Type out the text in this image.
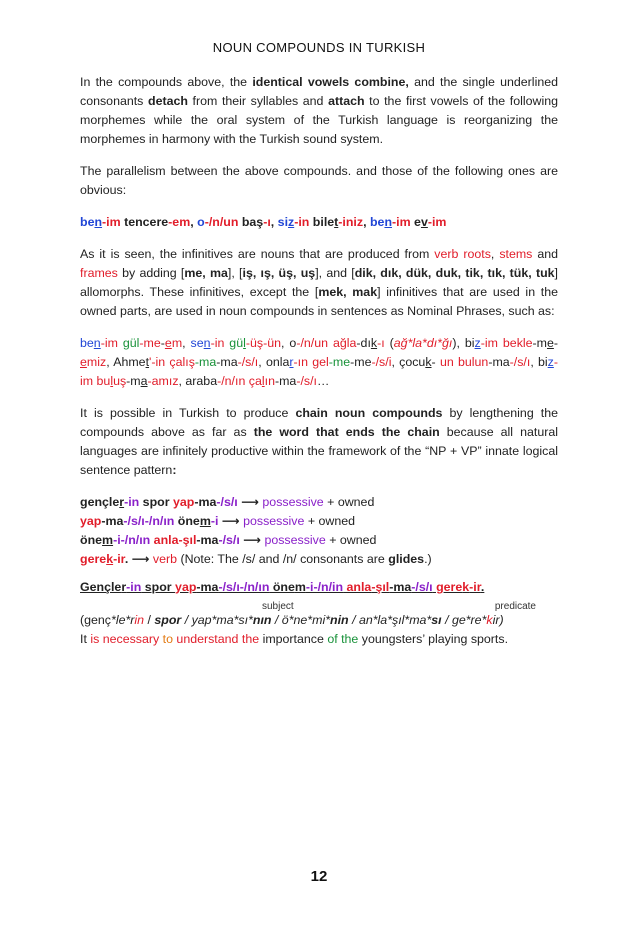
NOUN COMPOUNDS IN TURKISH

In the compounds above, the identical vowels combine, and the single underlined consonants detach from their syllables and attach to the first vowels of the following morphemes while the oral system of the Turkish language is reorganizing the morphemes in harmony with the Turkish sound system.

The parallelism between the above compounds. and those of the following ones are obvious:

ben-im tencere-em, o-/n/un baş-ı, siz-in bilet-iniz, ben-im ev-im

As it is seen, the infinitives are nouns that are produced from verb roots, stems and frames by adding [me, ma], [iş, ış, üş, uş], and [dik, dık, dük, duk, tik, tık, tük, tuk] allomorphs. These infinitives, except the [mek, mak] infinitives that are used in the owned parts, are used in noun compounds in sentences as Nominal Phrases, such as:

ben-im gül-me-em, sen-in gül-üş-ün, o-/n/un ağla-dık-ı (ağ*la*dı*ğı), biz-im bekle-me-emiz, Ahmet'-in çalış-ma-ma-/s/ı, onlar-ın gel-me-me-/s/i, çocuk- un bulun-ma-/s/ı, biz-im buluş-ma-amız, araba-/n/ın çalın-ma-/s/ı…

It is possible in Turkish to produce chain noun compounds by lengthening the compounds above as far as the word that ends the chain because all natural languages are infinitely productive within the framework of the “NP + VP” innate logical sentence pattern:

gençler-in spor yap-ma-/s/ı ⟶ possessive + owned
yap-ma-/s/ı-/n/ın önem-i ⟶ possessive + owned
önem-i-/n/ın anla-şıl-ma-/s/ı ⟶ possessive + owned
gerek-ir. ⟶ verb (Note: The /s/ and /n/ consonants are glides.)
Gençler-in spor yap-ma-/s/ı-/n/ın önem-i-/n/in anla-şıl-ma-/s/ı gerek-ir.
subject	predicate
(genç*le*rin / spor / yap*ma*sı*nın / ö*ne*mi*nin / an*la*şıl*ma*sı / ge*re*kir)
It is necessary to understand the importance of the youngsters’ playing sports.
12
